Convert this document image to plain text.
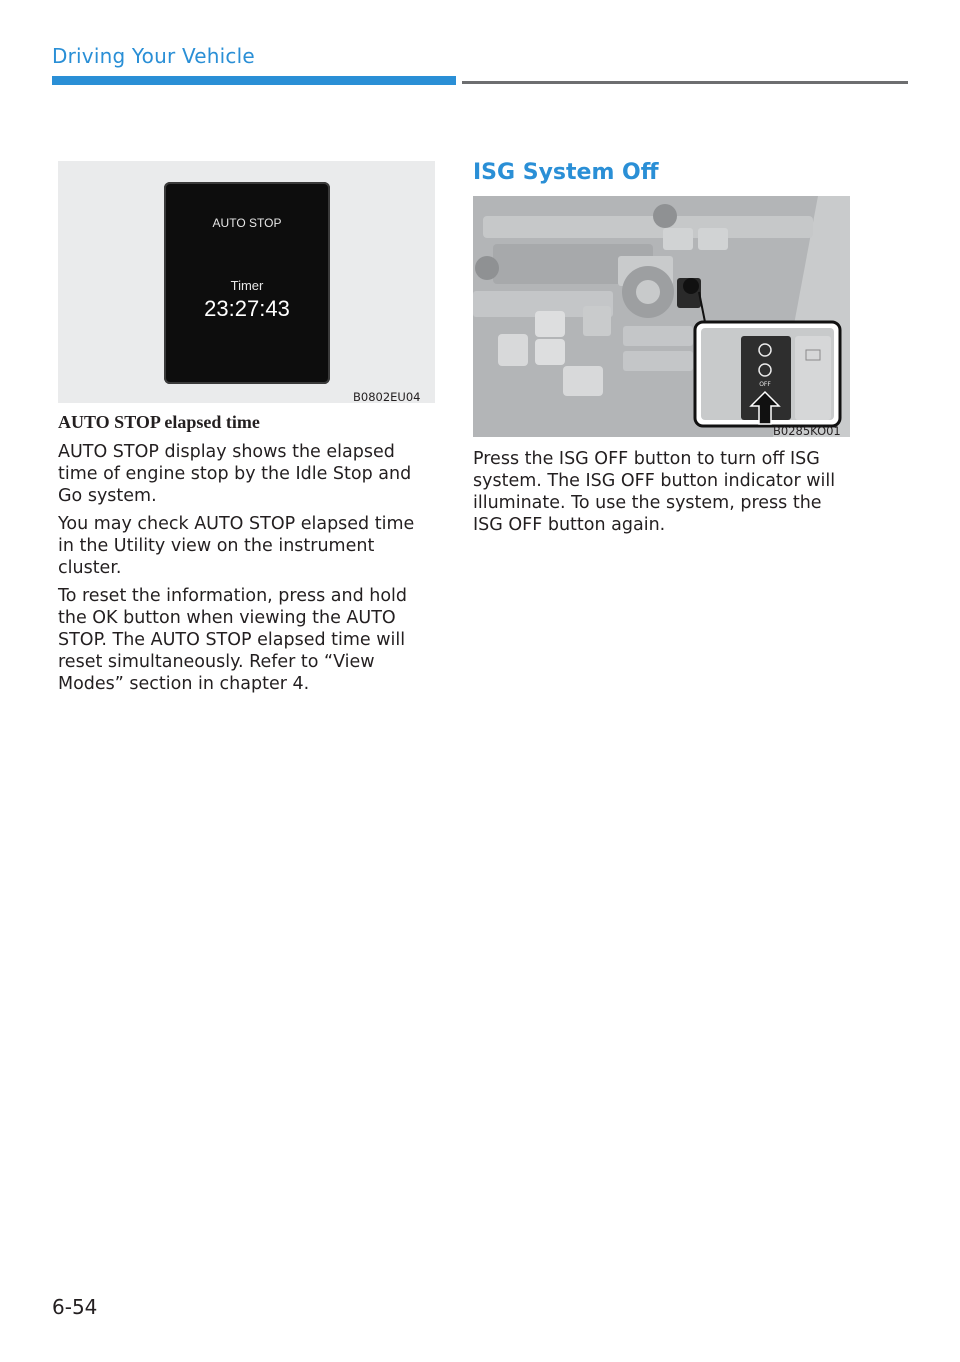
Driving Your Vehicle
AUTO STOP
Timer
23:27:43
B0802EU04
AUTO STOP elapsed time
AUTO STOP display shows the elapsed time of engine stop by the Idle Stop and Go system.
You may check AUTO STOP elapsed time in the Utility view on the instrument cluster.
To reset the information, press and hold the OK button when viewing the AUTO STOP. The AUTO STOP elapsed time will reset simultaneously. Refer to “View Modes” section in chapter 4.
ISG System Off
OFF
B0285KO01
Press the ISG OFF button to turn off ISG system. The ISG OFF button indicator will illuminate. To use the system, press the ISG OFF button again.
6-54
